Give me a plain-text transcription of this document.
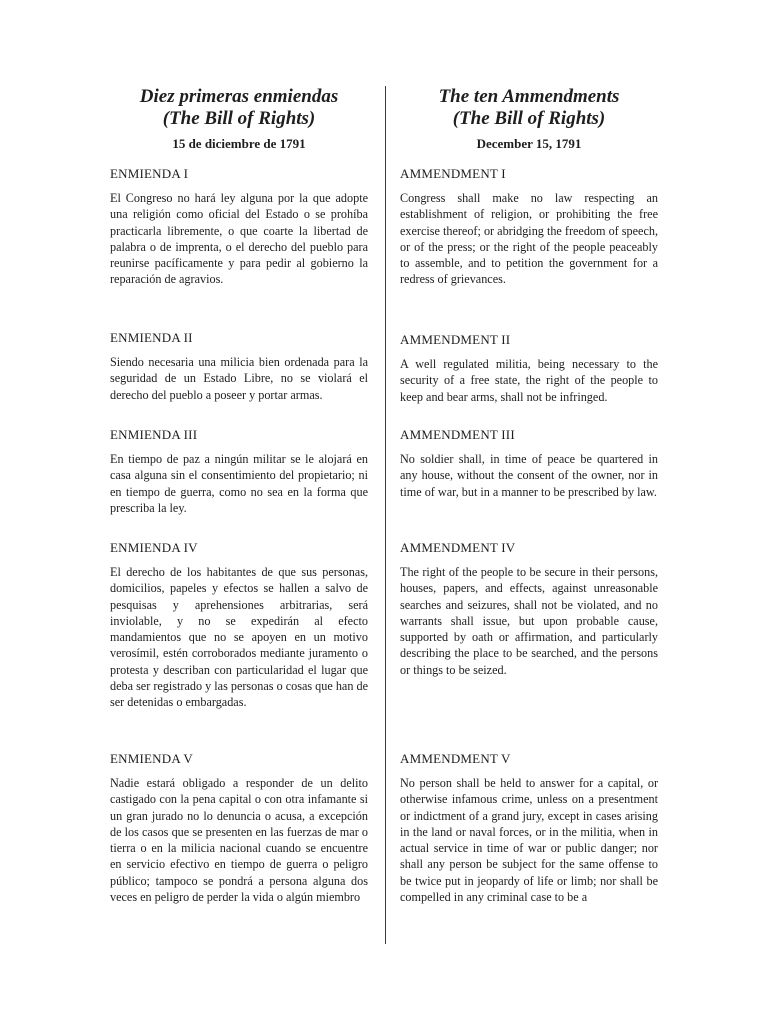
Diez primeras enmiendas
(The Bill of Rights)
15 de diciembre de 1791
ENMIENDA I

El Congreso no hará ley alguna por la que adopte una religión como oficial del Estado o se prohíba practicarla libremente, o que coarte la libertad de palabra o de imprenta, o el derecho del pueblo para reunirse pacíficamente y para pedir al gobierno la reparación de agravios.

ENMIENDA II

Siendo necesaria una milicia bien ordenada para la seguridad de un Estado Libre, no se violará el derecho del pueblo a poseer y portar armas.

ENMIENDA III

En tiempo de paz a ningún militar se le alojará en casa alguna sin el consentimiento del propietario; ni en tiempo de guerra, como no sea en la forma que prescriba la ley.

ENMIENDA IV

El derecho de los habitantes de que sus personas, domicilios, papeles y efectos se hallen a salvo de pesquisas y aprehensiones arbitrarias, será inviolable, y no se expedirán al efecto mandamientos que no se apoyen en un motivo verosímil, estén corroborados mediante juramento o protesta y describan con particularidad el lugar que deba ser registrado y las personas o cosas que han de ser detenidas o embargadas.

ENMIENDA V

Nadie estará obligado a responder de un delito castigado con la pena capital o con otra infamante si un gran jurado no lo denuncia o acusa, a excepción de los casos que se presenten en las fuerzas de mar o tierra o en la milicia nacional cuando se encuentre en servicio efectivo en tiempo de guerra o peligro público; tampoco se pondrá a persona alguna dos veces en peligro de perder la vida o algún miembro

The ten Ammendments
(The Bill of Rights)
December 15, 1791
AMMENDMENT I

Congress shall make no law respecting an establishment of religion, or prohibiting the free exercise thereof; or abridging the freedom of speech, or of the press; or the right of the people peaceably to assemble, and to petition the government for a redress of grievances.

AMMENDMENT II

A well regulated militia, being necessary to the security of a free state, the right of the people to keep and bear arms, shall not be infringed.

AMMENDMENT III

No soldier shall, in time of peace be quartered in any house, without the consent of the owner, nor in time of war, but in a manner to be prescribed by law.

AMMENDMENT IV

The right of the people to be secure in their persons, houses, papers, and effects, against unreasonable searches and seizures, shall not be violated, and no warrants shall issue, but upon probable cause, supported by oath or affirmation, and particularly describing the place to be searched, and the persons or things to be seized.

AMMENDMENT V

No person shall be held to answer for a capital, or otherwise infamous crime, unless on a presentment or indictment of a grand jury, except in cases arising in the land or naval forces, or in the militia, when in actual service in time of war or public danger; nor shall any person be subject for the same offense to be twice put in jeopardy of life or limb; nor shall be compelled in any criminal case to be a
